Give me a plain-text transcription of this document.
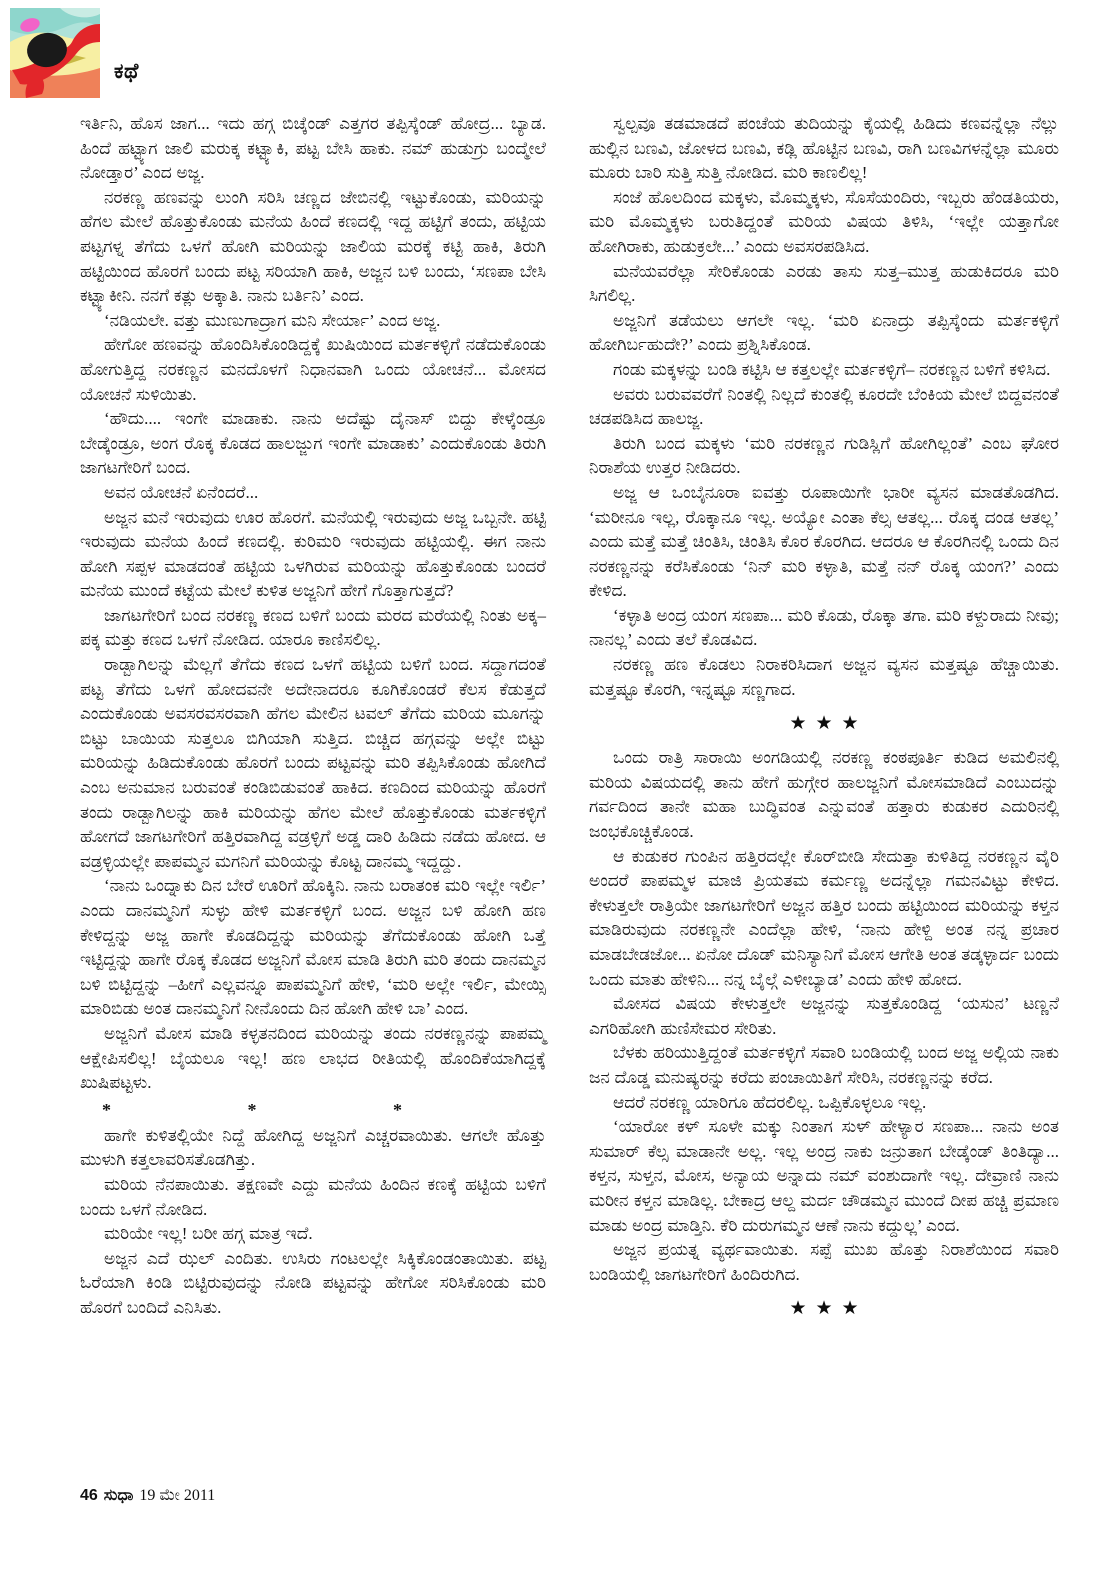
ಕಥೆ

ಇರ್ತಿನಿ, ಹೊಸ ಜಾಗ... ಇದು ಹಗ್ಗ ಬಿಚ್ಕೆಂಡ್ ಎತ್ತಗರ ತಪ್ಪಿಸ್ಕೆಂಡ್ ಹೋದ್ರ... ಬ್ಯಾಡ. ಹಿಂದೆ ಹಟ್ಟ್ಯಾಗ ಜಾಲಿ ಮರುಕ್ಕ ಕಟ್ಟ್ಯಾಕಿ, ಪಟ್ಟ ಬೇಸಿ ಹಾಕು. ನಮ್ ಹುಡುಗ್ರು ಬಂದ್ಮೇಲೆ ನೋಡ್ತಾರ’ ಎಂದ ಅಜ್ಜ.

ನರಕಣ್ಣ ಹಣವನ್ನು ಲುಂಗಿ ಸರಿಸಿ ಚಣ್ಣದ ಜೇಬಿನಲ್ಲಿ ಇಟ್ಟುಕೊಂಡು, ಮರಿಯನ್ನು ಹೆಗಲ ಮೇಲೆ ಹೊತ್ತುಕೊಂಡು ಮನೆಯ ಹಿಂದೆ ಕಣದಲ್ಲಿ ಇದ್ದ ಹಟ್ಟಿಗೆ ತಂದು, ಹಟ್ಟಿಯ ಪಟ್ಟಗಳ್ನ ತೆಗೆದು ಒಳಗೆ ಹೋಗಿ ಮರಿಯನ್ನು ಜಾಲಿಯ ಮರಕ್ಕೆ ಕಟ್ಟಿ ಹಾಕಿ, ತಿರುಗಿ ಹಟ್ಟಿಯಿಂದ ಹೊರಗೆ ಬಂದು ಪಟ್ಟ ಸರಿಯಾಗಿ ಹಾಕಿ, ಅಜ್ಜನ ಬಳಿ ಬಂದು, ‘ಸಣಪಾ ಬೇಸಿ ಕಟ್ಟ್ಯಾಕೀನಿ. ನನಗೆ ಕತ್ಲು ಅಕ್ಕಾತಿ. ನಾನು ಬರ್ತಿನಿ’ ಎಂದ.

‘ನಡಿಯಲೇ. ವತ್ತು ಮುಣುಗಾದ್ರಾಗ ಮನಿ ಸೇರ್ಯಾ’ ಎಂದ ಅಜ್ಜ.

ಹೇಗೋ ಹಣವನ್ನು ಹೊಂದಿಸಿಕೊಂಡಿದ್ದಕ್ಕೆ ಖುಷಿಯಿಂದ ಮರ್ತಕಳ್ಳಿಗೆ ನಡೆದುಕೊಂಡು ಹೋಗುತ್ತಿದ್ದ ನರಕಣ್ಣನ ಮನದೊಳಗೆ ನಿಧಾನವಾಗಿ ಒಂದು ಯೋಚನೆ... ಮೋಸದ ಯೋಚನೆ ಸುಳಿಯಿತು.

‘ಹೌದು.... ಇಂಗೇ ಮಾಡಾಕು. ನಾನು ಅದೆಷ್ಟು ದೈನಾಸ್ ಬಿದ್ದು ಕೇಳ್ಕೆಂಡ್ರೂ ಬೇಡ್ಕೆಂಡ್ರೂ, ಅಂಗ ರೊಕ್ಕ ಕೊಡದ ಹಾಲಜ್ಜುಗ ಇಂಗೇ ಮಾಡಾಕು’ ಎಂದುಕೊಂಡು ತಿರುಗಿ ಜಾಗಟಗೇರಿಗೆ ಬಂದ.

ಅವನ ಯೋಚನೆ ಏನೆಂದರೆ...

ಅಜ್ಜನ ಮನೆ ಇರುವುದು ಊರ ಹೊರಗೆ. ಮನೆಯಲ್ಲಿ ಇರುವುದು ಅಜ್ಜ ಒಬ್ಬನೇ. ಹಟ್ಟಿ ಇರುವುದು ಮನೆಯ ಹಿಂದೆ ಕಣದಲ್ಲಿ. ಕುರಿಮರಿ ಇರುವುದು ಹಟ್ಟಿಯಲ್ಲಿ. ಈಗ ನಾನು ಹೋಗಿ ಸಪ್ಪಳ ಮಾಡದಂತೆ ಹಟ್ಟಿಯ ಒಳಗಿರುವ ಮರಿಯನ್ನು ಹೊತ್ತುಕೊಂಡು ಬಂದರೆ ಮನೆಯ ಮುಂದೆ ಕಟ್ಟೆಯ ಮೇಲೆ ಕುಳಿತ ಅಜ್ಜನಿಗೆ ಹೇಗೆ ಗೊತ್ತಾಗುತ್ತದೆ?

ಜಾಗಟಗೇರಿಗೆ ಬಂದ ನರಕಣ್ಣ ಕಣದ ಬಳಿಗೆ ಬಂದು ಮರದ ಮರೆಯಲ್ಲಿ ನಿಂತು ಅಕ್ಕ–ಪಕ್ಕ ಮತ್ತು ಕಣದ ಒಳಗೆ ನೋಡಿದ. ಯಾರೂ ಕಾಣಿಸಲಿಲ್ಲ.

ರಾಡ್ಬಾಗಿಲನ್ನು ಮೆಲ್ಲಗೆ ತೆಗೆದು ಕಣದ ಒಳಗೆ ಹಟ್ಟಿಯ ಬಳಿಗೆ ಬಂದ. ಸದ್ದಾಗದಂತೆ ಪಟ್ಟ ತೆಗೆದು ಒಳಗೆ ಹೋದವನೇ ಅದೇನಾದರೂ ಕೂಗಿಕೊಂಡರೆ ಕೆಲಸ ಕೆಡುತ್ತದೆ ಎಂದುಕೊಂಡು ಅವಸರವಸರವಾಗಿ ಹೆಗಲ ಮೇಲಿನ ಟವಲ್ ತೆಗೆದು ಮರಿಯ ಮೂಗನ್ನು ಬಿಟ್ಟು ಬಾಯಿಯ ಸುತ್ತಲೂ ಬಿಗಿಯಾಗಿ ಸುತ್ತಿದ. ಬಿಚ್ಚಿದ ಹಗ್ಗವನ್ನು ಅಲ್ಲೇ ಬಿಟ್ಟು ಮರಿಯನ್ನು ಹಿಡಿದುಕೊಂಡು ಹೊರಗೆ ಬಂದು ಪಟ್ಟವನ್ನು ಮರಿ ತಪ್ಪಿಸಿಕೊಂಡು ಹೋಗಿದೆ ಎಂಬ ಅನುಮಾನ ಬರುವಂತೆ ಕಂಡಿಬಿಡುವಂತೆ ಹಾಕಿದ. ಕಣದಿಂದ ಮರಿಯನ್ನು ಹೊರಗೆ ತಂದು ರಾಡ್ಬಾಗಿಲನ್ನು ಹಾಕಿ ಮರಿಯನ್ನು ಹೆಗಲ ಮೇಲೆ ಹೊತ್ತುಕೊಂಡು ಮರ್ತಕಳ್ಳಿಗೆ ಹೋಗದೆ ಜಾಗಟಗೇರಿಗೆ ಹತ್ತಿರವಾಗಿದ್ದ ವಡ್ರಳ್ಳಿಗೆ ಅಡ್ಡ ದಾರಿ ಹಿಡಿದು ನಡೆದು ಹೋದ. ಆ ವಡ್ರಳ್ಳಿಯಲ್ಲೇ ಪಾಪಮ್ಮನ ಮಗನಿಗೆ ಮರಿಯನ್ನು ಕೊಟ್ಟ ದಾನಮ್ಮ ಇದ್ದದ್ದು.

‘ನಾನು ಒಂದ್ನಾಕು ದಿನ ಬೇರೆ ಊರಿಗೆ ಹೊಕ್ಕಿನಿ. ನಾನು ಬರಾತಂಕ ಮರಿ ಇಲ್ಲೇ ಇರ್ಲಿ’ ಎಂದು ದಾನಮ್ಮನಿಗೆ ಸುಳ್ಳು ಹೇಳಿ ಮರ್ತಕಳ್ಳಿಗೆ ಬಂದ. ಅಜ್ಜನ ಬಳಿ ಹೋಗಿ ಹಣ ಕೇಳಿದ್ದನ್ನು ಅಜ್ಜ ಹಾಗೇ ಕೊಡದಿದ್ದನ್ನು ಮರಿಯನ್ನು ತೆಗೆದುಕೊಂಡು ಹೋಗಿ ಒತ್ತೆ ಇಟ್ಟಿದ್ದನ್ನು ಹಾಗೇ ರೊಕ್ಕ ಕೊಡದ ಅಜ್ಜನಿಗೆ ಮೋಸ ಮಾಡಿ ತಿರುಗಿ ಮರಿ ತಂದು ದಾನಮ್ಮನ ಬಳಿ ಬಿಟ್ಟಿದ್ದನ್ನು –ಹೀಗೆ ಎಲ್ಲವನ್ನೂ ಪಾಪಮ್ಮನಿಗೆ ಹೇಳಿ, ‘ಮರಿ ಅಲ್ಲೇ ಇರ್ಲಿ, ಮೇಯ್ಸಿ ಮಾರಿಬಿಡು ಅಂತ ದಾನಮ್ಮನಿಗೆ ನೀನೊಂದು ದಿನ ಹೋಗಿ ಹೇಳಿ ಬಾ’ ಎಂದ.

ಅಜ್ಜನಿಗೆ ಮೋಸ ಮಾಡಿ ಕಳ್ಳತನದಿಂದ ಮರಿಯನ್ನು ತಂದು ನರಕಣ್ಣನನ್ನು ಪಾಪಮ್ಮ ಆಕ್ಷೇಪಿಸಲಿಲ್ಲ! ಬೈಯಲೂ ಇಲ್ಲ! ಹಣ ಲಾಭದ ರೀತಿಯಲ್ಲಿ ಹೊಂದಿಕೆಯಾಗಿದ್ದಕ್ಕೆ ಖುಷಿಪಟ್ಟಳು.

*	*	*

ಹಾಗೇ ಕುಳಿತಲ್ಲಿಯೇ ನಿದ್ದೆ ಹೋಗಿದ್ದ ಅಜ್ಜನಿಗೆ ಎಚ್ಚರವಾಯಿತು. ಆಗಲೇ ಹೊತ್ತು ಮುಳುಗಿ ಕತ್ತಲಾವರಿಸತೊಡಗಿತ್ತು.

ಮರಿಯ ನೆನಪಾಯಿತು. ತಕ್ಷಣವೇ ಎದ್ದು ಮನೆಯ ಹಿಂದಿನ ಕಣಕ್ಕೆ ಹಟ್ಟಿಯ ಬಳಿಗೆ ಬಂದು ಒಳಗೆ ನೋಡಿದ.

ಮರಿಯೇ ಇಲ್ಲ! ಬರೀ ಹಗ್ಗ ಮಾತ್ರ ಇದೆ.

ಅಜ್ಜನ ಎದೆ ಝಲ್ ಎಂದಿತು. ಉಸಿರು ಗಂಟಲಲ್ಲೇ ಸಿಕ್ಕಿಕೊಂಡಂತಾಯಿತು. ಪಟ್ಟ ಓರೆಯಾಗಿ ಕಿಂಡಿ ಬಿಟ್ಟಿರುವುದನ್ನು ನೋಡಿ ಪಟ್ಟವನ್ನು ಹೇಗೋ ಸರಿಸಿಕೊಂಡು ಮರಿ ಹೊರಗೆ ಬಂದಿದೆ ಎನಿಸಿತು.

ಸ್ವಲ್ಪವೂ ತಡಮಾಡದೆ ಪಂಚೆಯ ತುದಿಯನ್ನು ಕೈಯಲ್ಲಿ ಹಿಡಿದು ಕಣವನ್ನೆಲ್ಲಾ ನೆಲ್ಲು ಹುಲ್ಲಿನ ಬಣವಿ, ಜೋಳದ ಬಣವಿ, ಕಡ್ಲಿ ಹೊಟ್ಟಿನ ಬಣವಿ, ರಾಗಿ ಬಣವಿಗಳನ್ನೆಲ್ಲಾ ಮೂರು ಮೂರು ಬಾರಿ ಸುತ್ತಿ ಸುತ್ತಿ ನೋಡಿದ. ಮರಿ ಕಾಣಲಿಲ್ಲ!

ಸಂಜೆ ಹೊಲದಿಂದ ಮಕ್ಕಳು, ಮೊಮ್ಮಕ್ಕಳು, ಸೊಸೆಯಂದಿರು, ಇಬ್ಬರು ಹೆಂಡತಿಯರು, ಮರಿ ಮೊಮ್ಮಕ್ಕಳು ಬರುತಿದ್ದಂತೆ ಮರಿಯ ವಿಷಯ ತಿಳಿಸಿ, ‘ಇಲ್ಲೇ ಯತ್ತಾಗೋ ಹೋಗಿರಾಕು, ಹುಡುಕ್ರಲೇ...’ ಎಂದು ಅವಸರಪಡಿಸಿದ.

ಮನೆಯವರೆಲ್ಲಾ ಸೇರಿಕೊಂಡು ಎರಡು ತಾಸು ಸುತ್ತ–ಮುತ್ತ ಹುಡುಕಿದರೂ ಮರಿ ಸಿಗಲಿಲ್ಲ.

ಅಜ್ಜನಿಗೆ ತಡೆಯಲು ಆಗಲೇ ಇಲ್ಲ. ‘ಮರಿ ಏನಾದ್ರು ತಪ್ಪಿಸ್ಕೆಂದು ಮರ್ತಕಳ್ಳಿಗೆ ಹೋಗಿರ್ಬಹುದೇ?’ ಎಂದು ಪ್ರಶ್ನಿಸಿಕೊಂಡ.

ಗಂಡು ಮಕ್ಕಳನ್ನು ಬಂಡಿ ಕಟ್ಟಿಸಿ ಆ ಕತ್ತಲಲ್ಲೇ ಮರ್ತಕಳ್ಳಿಗೆ– ನರಕಣ್ಣನ ಬಳಿಗೆ ಕಳಿಸಿದ.

ಅವರು ಬರುವವರೆಗೆ ನಿಂತಲ್ಲಿ ನಿಲ್ಲದೆ ಕುಂತಲ್ಲಿ ಕೂರದೇ ಬೆಂಕಿಯ ಮೇಲೆ ಬಿದ್ದವನಂತೆ ಚಡಪಡಿಸಿದ ಹಾಲಜ್ಜ.

ತಿರುಗಿ ಬಂದ ಮಕ್ಕಳು ‘ಮರಿ ನರಕಣ್ಣನ ಗುಡಿಸ್ಲಿಗೆ ಹೋಗಿಲ್ಲಂತೆ’ ಎಂಬ ಘೋರ ನಿರಾಶೆಯ ಉತ್ತರ ನೀಡಿದರು.

ಅಜ್ಜ ಆ ಒಂಬೈನೂರಾ ಐವತ್ತು ರೂಪಾಯಿಗೇ ಭಾರೀ ವ್ಯಸನ ಮಾಡತೊಡಗಿದ. ‘ಮರೀನೂ ಇಲ್ಲ, ರೊಕ್ಕಾನೂ ಇಲ್ಲ. ಅಯ್ಯೋ ಎಂತಾ ಕೆಲ್ಸ ಆತಲ್ಲ... ರೊಕ್ಕ ದಂಡ ಆತಲ್ಲ’ ಎಂದು ಮತ್ತೆ ಮತ್ತೆ ಚಿಂತಿಸಿ, ಚಿಂತಿಸಿ ಕೊರ ಕೊರಗಿದ. ಆದರೂ ಆ ಕೊರಗಿನಲ್ಲಿ ಒಂದು ದಿನ ನರಕಣ್ಣನನ್ನು ಕರೆಸಿಕೊಂಡು ‘ನಿನ್ ಮರಿ ಕಳ್ಳಾತಿ, ಮತ್ತೆ ನನ್ ರೊಕ್ಕ ಯಂಗ?’ ಎಂದು ಕೇಳಿದ.

‘ಕಳ್ಳಾತಿ ಅಂದ್ರ ಯಂಗ ಸಣಪಾ... ಮರಿ ಕೊಡು, ರೊಕ್ಕಾ ತಗಾ. ಮರಿ ಕಳ್ದುರಾದು ನೀವು; ನಾನಲ್ಲ’ ಎಂದು ತಲೆ ಕೊಡವಿದ.

ನರಕಣ್ಣ ಹಣ ಕೊಡಲು ನಿರಾಕರಿಸಿದಾಗ ಅಜ್ಜನ ವ್ಯಸನ ಮತ್ತಷ್ಟೂ ಹೆಚ್ಚಾಯಿತು. ಮತ್ತಷ್ಟೂ ಕೊರಗಿ, ಇನ್ನಷ್ಟೂ ಸಣ್ಣಗಾದ.

★★★

ಒಂದು ರಾತ್ರಿ ಸಾರಾಯಿ ಅಂಗಡಿಯಲ್ಲಿ ನರಕಣ್ಣ ಕಂಠಪೂರ್ತಿ ಕುಡಿದ ಅಮಲಿನಲ್ಲಿ ಮರಿಯ ವಿಷಯದಲ್ಲಿ ತಾನು ಹೇಗೆ ಹುಗ್ಗೇರ ಹಾಲಜ್ಜನಿಗೆ ಮೋಸಮಾಡಿದೆ ಎಂಬುದನ್ನು ಗರ್ವದಿಂದ ತಾನೇ ಮಹಾ ಬುದ್ಧಿವಂತ ಎನ್ನುವಂತೆ ಹತ್ತಾರು ಕುಡುಕರ ಎದುರಿನಲ್ಲಿ ಜಂಭಕೊಚ್ಚಿಕೊಂಡ.

ಆ ಕುಡುಕರ ಗುಂಪಿನ ಹತ್ತಿರದಲ್ಲೇ ಕೊರ್‌ಬೀಡಿ ಸೇದುತ್ತಾ ಕುಳಿತಿದ್ದ ನರಕಣ್ಣನ ವೈರಿ ಅಂದರೆ ಪಾಪಮ್ಮಳ ಮಾಜಿ ಪ್ರಿಯತಮ ಕರ್ಮಣ್ಣ ಅದನ್ನೆಲ್ಲಾ ಗಮನವಿಟ್ಟು ಕೇಳಿದ. ಕೇಳುತ್ತಲೇ ರಾತ್ರಿಯೇ ಜಾಗಟಗೇರಿಗೆ ಅಜ್ಜನ ಹತ್ತಿರ ಬಂದು ಹಟ್ಟಿಯಿಂದ ಮರಿಯನ್ನು ಕಳ್ತನ ಮಾಡಿರುವುದು ನರಕಣ್ಣನೇ ಎಂದೆಲ್ಲಾ ಹೇಳಿ, ‘ನಾನು ಹೇಳ್ದಿ ಅಂತ ನನ್ನ ಪ್ರಚಾರ ಮಾಡಬೇಡಜೋ... ಏನೋ ದೊಡ್ ಮನಿಸ್ಯಾನಿಗೆ ಮೋಸ ಆಗೇತಿ ಅಂತ ತಡ್ಕಳ್ಳಾರ್ದ ಬಂದು ಒಂದು ಮಾತು ಹೇಳಿನಿ... ನನ್ನ ಬೈಲ್ಗೆ ಎಳೀಬ್ಯಾಡ’ ಎಂದು ಹೇಳಿ ಹೋದ.

ಮೋಸದ ವಿಷಯ ಕೇಳುತ್ತಲೇ ಅಜ್ಜನನ್ನು ಸುತ್ತಕೊಂಡಿದ್ದ ‘ಯಸುನ’ ಟಣ್ಣನೆ ಎಗರಿಹೋಗಿ ಹುಣಿಸೇಮರ ಸೇರಿತು.

ಬೆಳಕು ಹರಿಯುತ್ತಿದ್ದಂತೆ ಮರ್ತಕಳ್ಳಿಗೆ ಸವಾರಿ ಬಂಡಿಯಲ್ಲಿ ಬಂದ ಅಜ್ಜ ಅಲ್ಲಿಯ ನಾಕು ಜನ ದೊಡ್ಡ ಮನುಷ್ಯರನ್ನು ಕರೆದು ಪಂಚಾಯಿತಿಗೆ ಸೇರಿಸಿ, ನರಕಣ್ಣನನ್ನು ಕರೆದ.

ಆದರೆ ನರಕಣ್ಣ ಯಾರಿಗೂ ಹೆದರಲಿಲ್ಲ. ಒಪ್ಪಿಕೊಳ್ಳಲೂ ಇಲ್ಲ.

‘ಯಾರೋ ಕಳ್ ಸೂಳೇ ಮಕ್ಕು ನಿಂತಾಗ ಸುಳ್ ಹೇಳ್ಯಾರ ಸಣಪಾ... ನಾನು ಅಂತ ಸುಮಾರ್ ಕೆಲ್ಸ ಮಾಡಾನೇ ಅಲ್ಲ. ಇಲ್ಲ ಅಂದ್ರ ನಾಕು ಜನ್ರುತಾಗ ಬೇಡ್ಕೆಂಡ್ ತಿಂತಿದ್ಯಾ... ಕಳ್ತನ, ಸುಳ್ತನ, ಮೋಸ, ಅನ್ಯಾಯ ಅನ್ನಾದು ನಮ್ ವಂಶುದಾಗೇ ಇಲ್ಲ. ದೇವ್ರಾಣಿ ನಾನು ಮರೀನ ಕಳ್ತನ ಮಾಡಿಲ್ಲ. ಬೇಕಾದ್ರ ಆಲ್ದ ಮರ್ದ ಚೌಡಮ್ಮನ ಮುಂದೆ ದೀಪ ಹಚ್ಚಿ ಪ್ರಮಾಣ ಮಾಡು ಅಂದ್ರ ಮಾಡ್ತಿನಿ. ಕೆರಿ ದುರುಗಮ್ಮನ ಆಣೆ ನಾನು ಕದ್ದುಲ್ಲ’ ಎಂದ.

ಅಜ್ಜನ ಪ್ರಯತ್ನ ವ್ಯರ್ಥವಾಯಿತು. ಸಪ್ಪೆ ಮುಖ ಹೊತ್ತು ನಿರಾಶೆಯಿಂದ ಸವಾರಿ ಬಂಡಿಯಲ್ಲಿ ಜಾಗಟಗೇರಿಗೆ ಹಿಂದಿರುಗಿದ.

★★★
46 ಸುಧಾ 19 ಮೇ 2011
